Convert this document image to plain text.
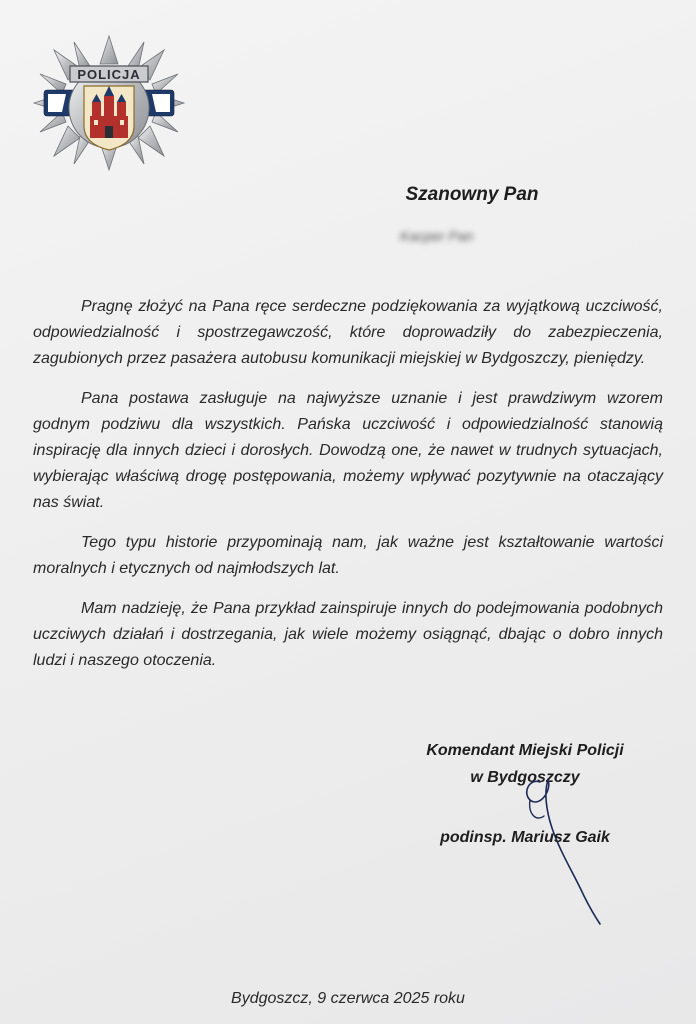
POLICJA
Szanowny Pan
Kacper Pan

Pragnę złożyć na Pana ręce serdeczne podziękowania za wyjątkową uczciwość, odpowiedzialność i spostrzegawczość, które doprowadziły do zabezpieczenia, zagubionych przez pasażera autobusu komunikacji miejskiej w Bydgoszczy, pieniędzy.

Pana postawa zasługuje na najwyższe uznanie i jest prawdziwym wzorem godnym podziwu dla wszystkich. Pańska uczciwość i odpowiedzialność stanowią inspirację dla innych dzieci i dorosłych. Dowodzą one, że nawet w trudnych sytuacjach, wybierając właściwą drogę postępowania, możemy wpływać pozytywnie na otaczający nas świat.

Tego typu historie przypominają nam, jak ważne jest kształtowanie wartości moralnych i etycznych od najmłodszych lat.

Mam nadzieję, że Pana przykład zainspiruje innych do podejmowania podobnych uczciwych działań i dostrzegania, jak wiele możemy osiągnąć, dbając o dobro innych ludzi i naszego otoczenia.

Komendant Miejski Policji
w Bydgoszczy
podinsp. Mariusz Gaik
Bydgoszcz, 9 czerwca 2025 roku
